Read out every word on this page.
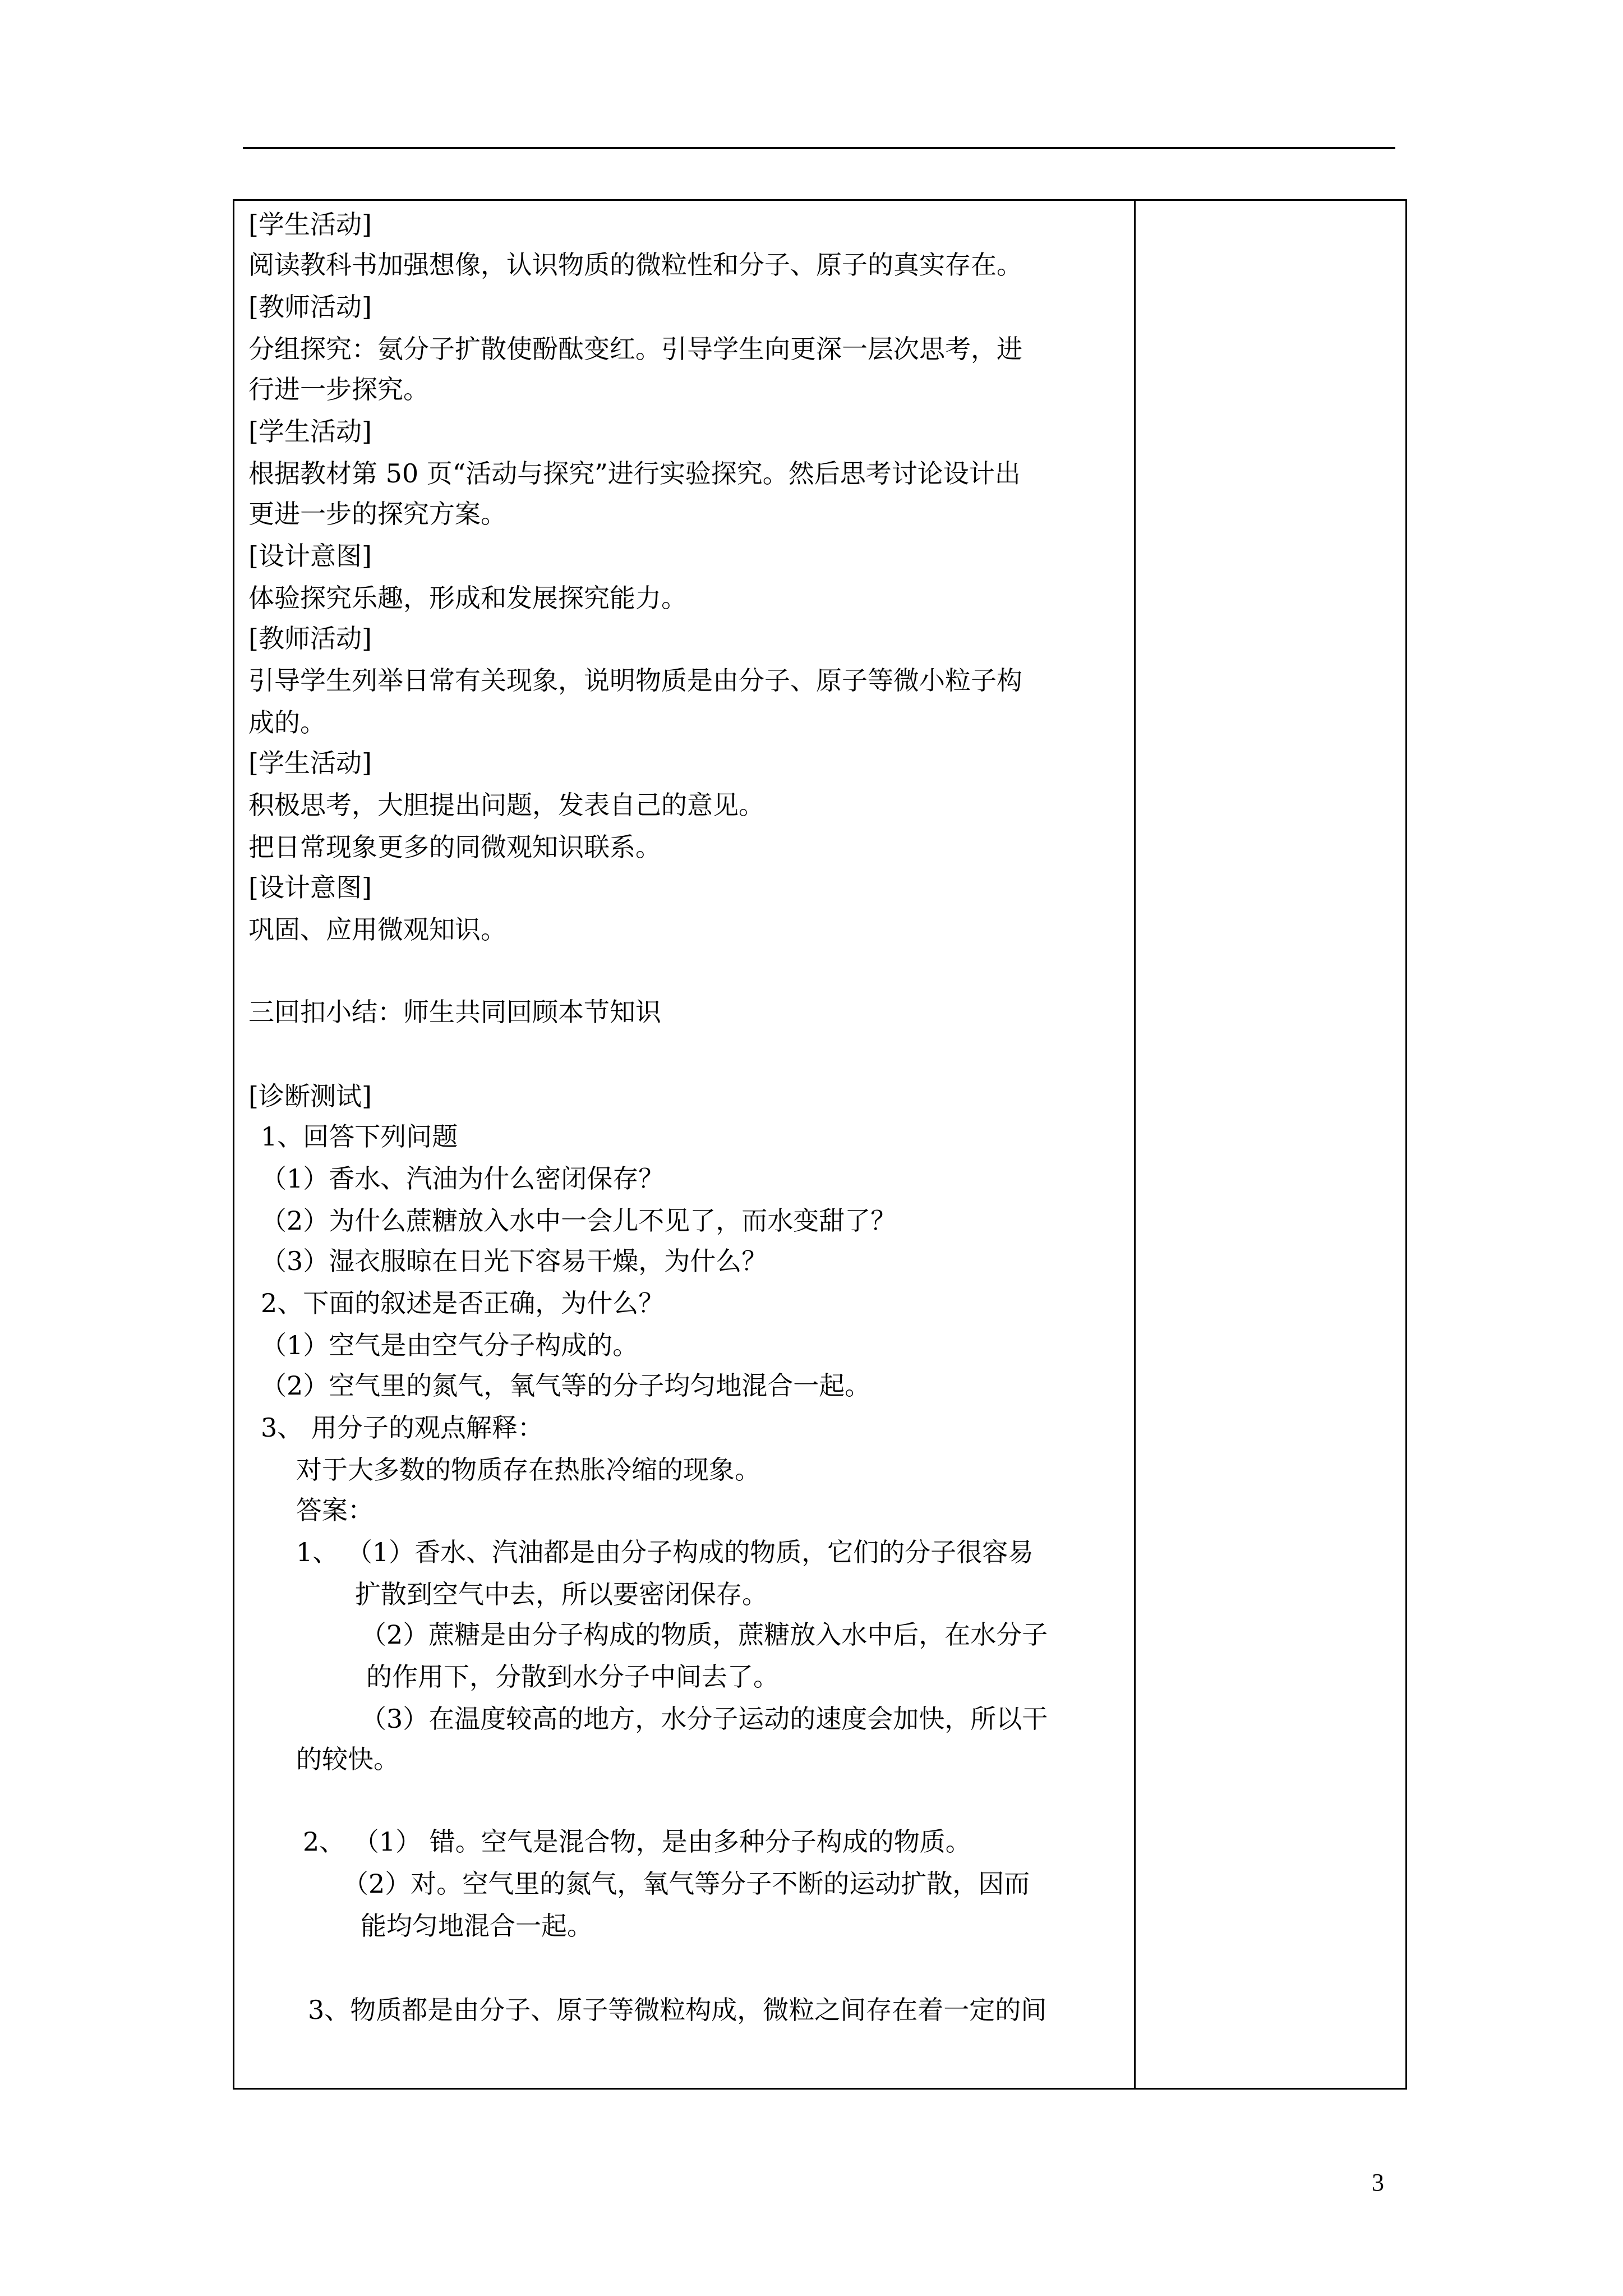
[学生活动]
阅读教科书加强想像，认识物质的微粒性和分子、原子的真实存在。
[教师活动]
分组探究：氨分子扩散使酚酞变红。引导学生向更深一层次思考，进
行进一步探究。
[学生活动]
根据教材第 50 页“活动与探究”进行实验探究。然后思考讨论设计出
更进一步的探究方案。
[设计意图]
体验探究乐趣，形成和发展探究能力。
[教师活动]
引导学生列举日常有关现象，说明物质是由分子、原子等微小粒子构
成的。
[学生活动]
积极思考，大胆提出问题，发表自己的意见。
把日常现象更多的同微观知识联系。
[设计意图]
巩固、应用微观知识。
三回扣小结：师生共同回顾本节知识
[诊断测试]
1、回答下列问题
（1）香水、汽油为什么密闭保存？
（2）为什么蔗糖放入水中一会儿不见了，而水变甜了？
（3）湿衣服晾在日光下容易干燥，为什么？
2、下面的叙述是否正确，为什么？
（1）空气是由空气分子构成的。
（2）空气里的氮气，氧气等的分子均匀地混合一起。
3、 用分子的观点解释：
对于大多数的物质存在热胀冷缩的现象。
答案：
1、 （1）香水、汽油都是由分子构成的物质，它们的分子很容易
扩散到空气中去，所以要密闭保存。
（2）蔗糖是由分子构成的物质，蔗糖放入水中后，在水分子
的作用下，分散到水分子中间去了。
（3）在温度较高的地方，水分子运动的速度会加快，所以干
的较快。
2、 （1） 错。空气是混合物，是由多种分子构成的物质。
（2）对。空气里的氮气，氧气等分子不断的运动扩散，因而
能均匀地混合一起。
3、物质都是由分子、原子等微粒构成，微粒之间存在着一定的间
3
